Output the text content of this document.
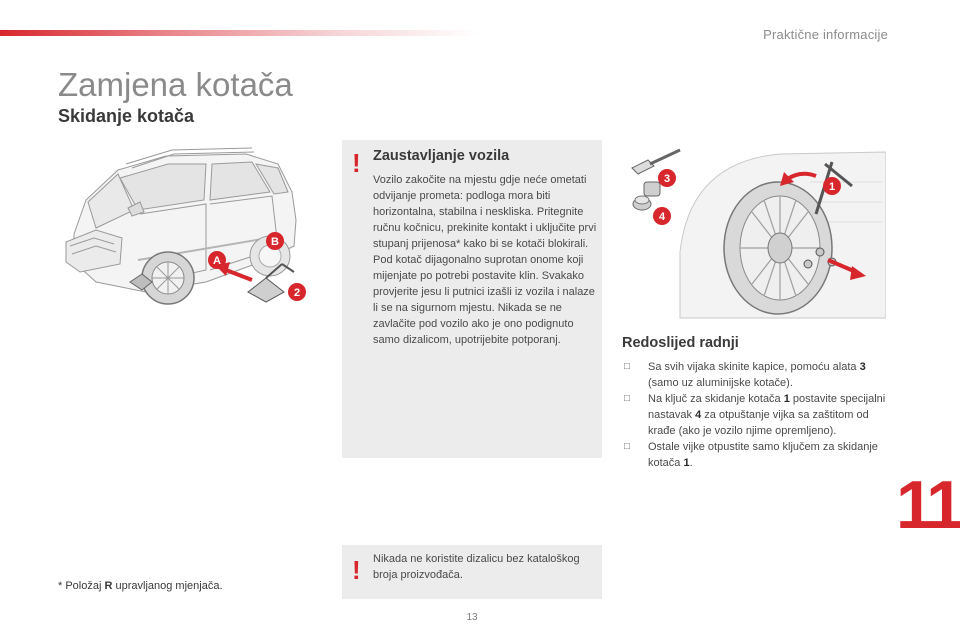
Praktične informacije
Zamjena kotača
Skidanje kotača
A
B
2
! Zaustavljanje vozila
Vozilo zakočite na mjestu gdje neće ometati odvijanje prometa: podloga mora biti horizontalna, stabilna i neskliska. Pritegnite ručnu kočnicu, prekinite kontakt i uključite prvi stupanj prijenosa* kako bi se kotači blokirali. Pod kotač dijagonalno suprotan onome koji mijenjate po potrebi postavite klin. Svakako provjerite jesu li putnici izašli iz vozila i nalaze li se na sigurnom mjestu. Nikada se ne zavlačite pod vozilo ako je ono podignuto samo dizalicom, upotrijebite potporanj.
1
3
4
Redoslijed radnji

□ Sa svih vijaka skinite kapice, pomoću alata 3 (samo uz aluminijske kotače).

□ Na ključ za skidanje kotača 1 postavite specijalni nastavak 4 za otpuštanje vijka sa zaštitom od krađe (ako je vozilo njime opremljeno).

□ Ostale vijke otpustite samo ključem za skidanje kotača 1.

11
* Položaj R upravljanog mjenjača.
! Nikada ne koristite dizalicu bez kataloškog broja proizvođača.
13
